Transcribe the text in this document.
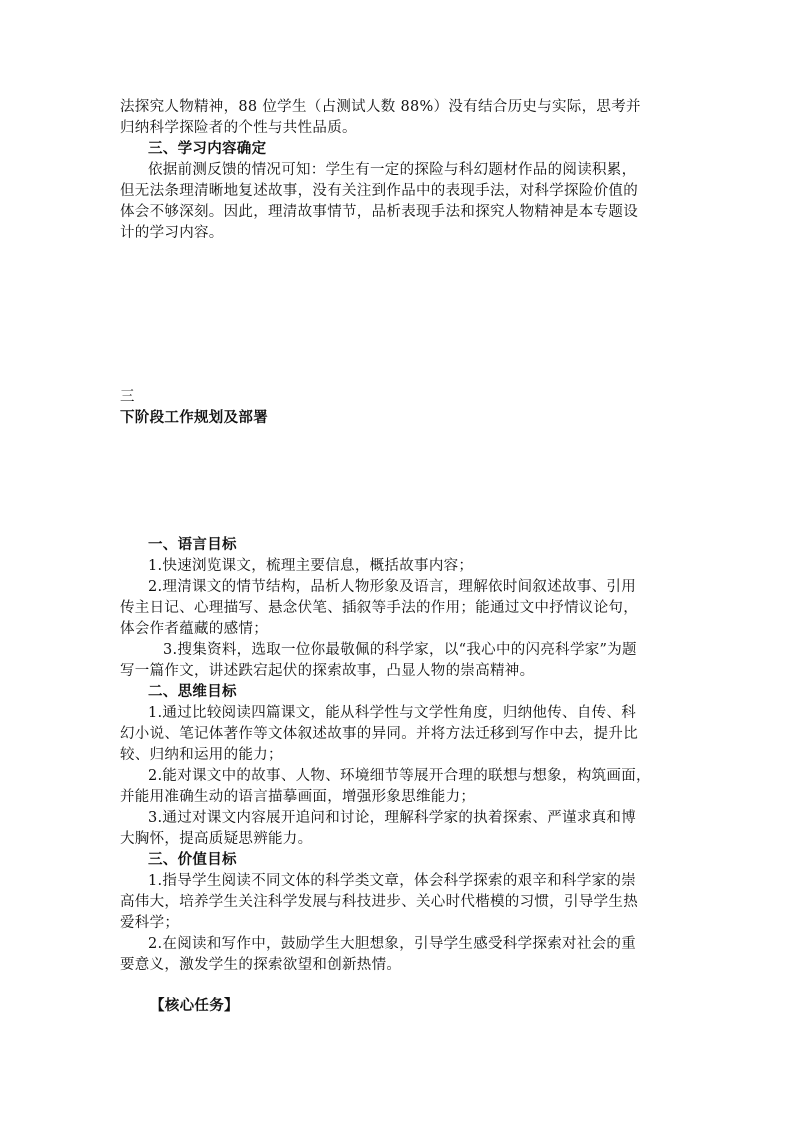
法探究人物精神，88 位学生（占测试人数 88%）没有结合历史与实际，思考并
归纳科学探险者的个性与共性品质。
三、学习内容确定
依据前测反馈的情况可知：学生有一定的探险与科幻题材作品的阅读积累，
但无法条理清晰地复述故事，没有关注到作品中的表现手法，对科学探险价值的
体会不够深刻。因此，理清故事情节，品析表现手法和探究人物精神是本专题设
计的学习内容。
三
下阶段工作规划及部署
一、语言目标
1.快速浏览课文，梳理主要信息，概括故事内容；
2.理清课文的情节结构，品析人物形象及语言，理解依时间叙述故事、引用
传主日记、心理描写、悬念伏笔、插叙等手法的作用；能通过文中抒情议论句，
体会作者蕴藏的感情；
3.搜集资料，选取一位你最敬佩的科学家，以“我心中的闪亮科学家”为题
写一篇作文，讲述跌宕起伏的探索故事，凸显人物的崇高精神。
二、思维目标
1.通过比较阅读四篇课文，能从科学性与文学性角度，归纳他传、自传、科
幻小说、笔记体著作等文体叙述故事的异同。并将方法迁移到写作中去，提升比
较、归纳和运用的能力；
2.能对课文中的故事、人物、环境细节等展开合理的联想与想象，构筑画面，
并能用准确生动的语言描摹画面，增强形象思维能力；
3.通过对课文内容展开追问和讨论，理解科学家的执着探索、严谨求真和博
大胸怀，提高质疑思辨能力。
三、价值目标
1.指导学生阅读不同文体的科学类文章，体会科学探索的艰辛和科学家的崇
高伟大，培养学生关注科学发展与科技进步、关心时代楷模的习惯，引导学生热
爱科学；
2.在阅读和写作中，鼓励学生大胆想象，引导学生感受科学探索对社会的重
要意义，激发学生的探索欲望和创新热情。
【核心任务】
